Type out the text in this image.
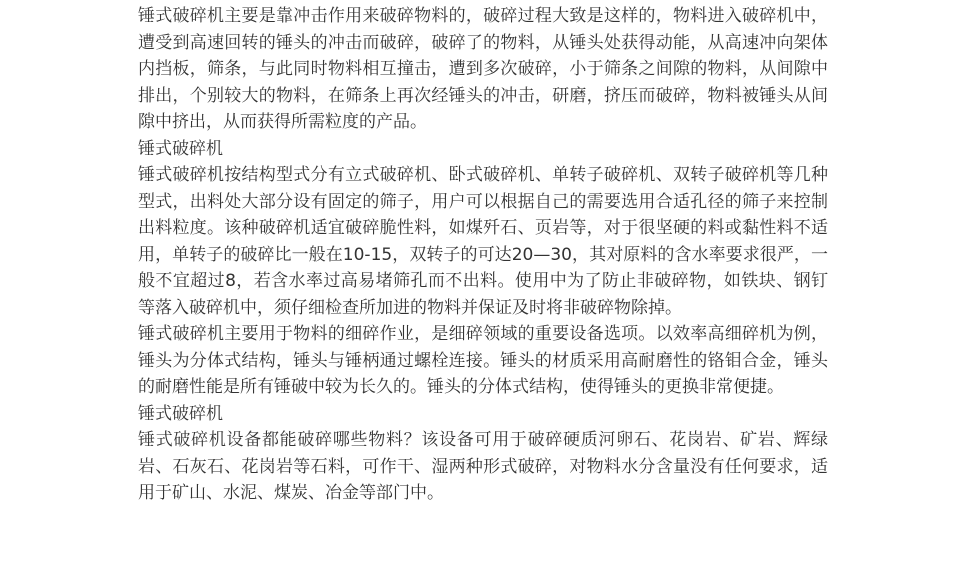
锤式破碎机主要是靠冲击作用来破碎物料的，破碎过程大致是这样的，物料进入破碎机中，遭受到高速回转的锤头的冲击而破碎，破碎了的物料，从锤头处获得动能，从高速冲向架体内挡板，筛条，与此同时物料相互撞击，遭到多次破碎，小于筛条之间隙的物料，从间隙中排出，个别较大的物料，在筛条上再次经锤头的冲击，研磨，挤压而破碎，物料被锤头从间隙中挤出，从而获得所需粒度的产品。

锤式破碎机

锤式破碎机按结构型式分有立式破碎机、卧式破碎机、单转子破碎机、双转子破碎机等几种型式，出料处大部分设有固定的筛子，用户可以根据自己的需要选用合适孔径的筛子来控制出料粒度。该种破碎机适宜破碎脆性料，如煤歼石、页岩等，对于很坚硬的料或黏性料不适用，单转子的破碎比一般在10-15，双转子的可达20—30，其对原料的含水率要求很严，一般不宜超过8，若含水率过高易堵筛孔而不出料。使用中为了防止非破碎物，如铁块、钢钉等落入破碎机中，须仔细检查所加进的物料并保证及时将非破碎物除掉。

锤式破碎机主要用于物料的细碎作业，是细碎领域的重要设备选项。以效率高细碎机为例，锤头为分体式结构，锤头与锤柄通过螺栓连接。锤头的材质采用高耐磨性的铬钼合金，锤头的耐磨性能是所有锤破中较为长久的。锤头的分体式结构，使得锤头的更换非常便捷。

锤式破碎机

锤式破碎机设备都能破碎哪些物料？该设备可用于破碎硬质河卵石、花岗岩、矿岩、辉绿岩、石灰石、花岗岩等石料，可作干、湿两种形式破碎，对物料水分含量没有任何要求，适用于矿山、水泥、煤炭、冶金等部门中。
